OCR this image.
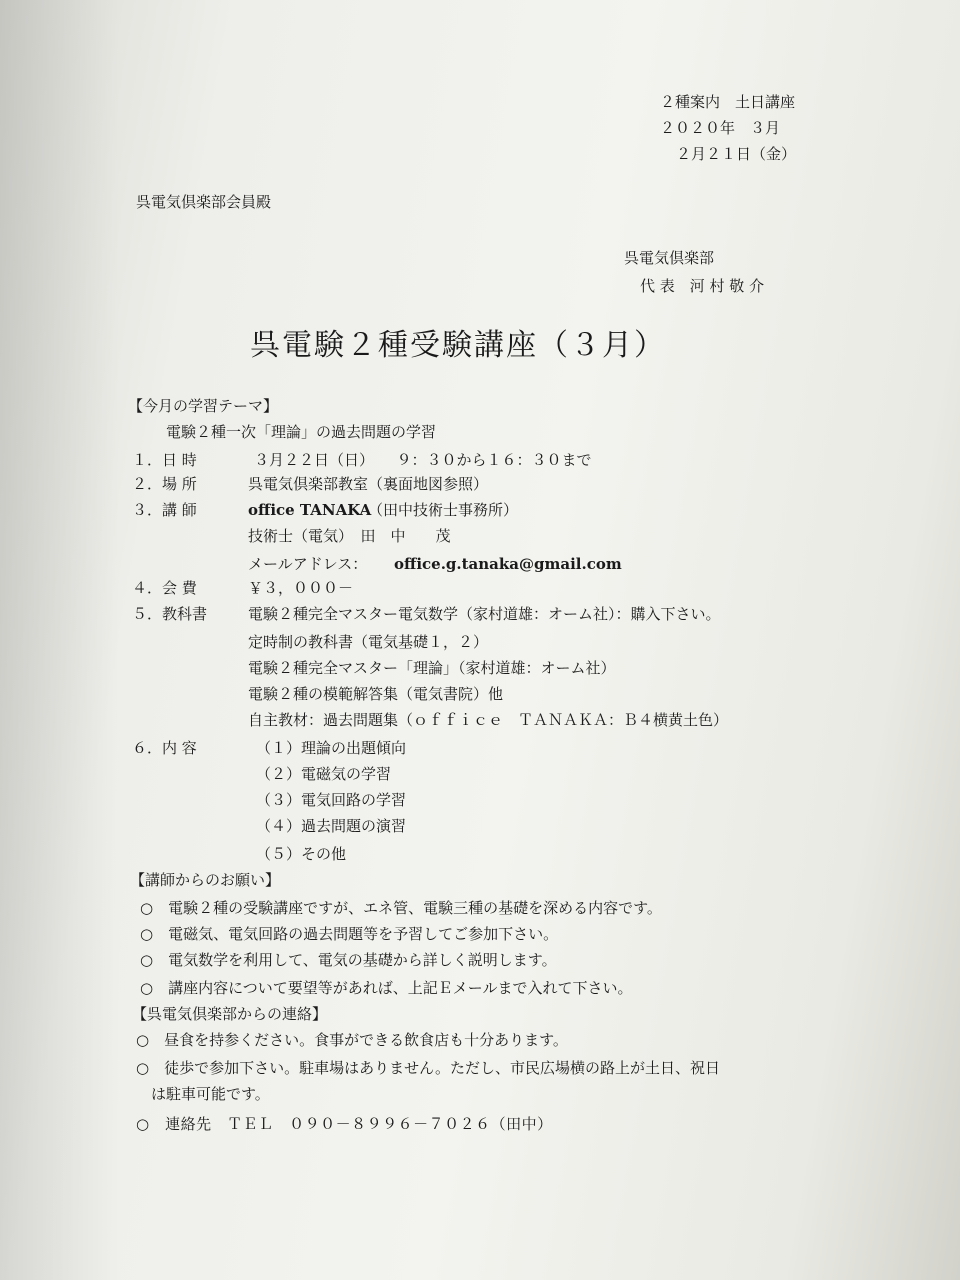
２種案内　土日講座
２０２０年　３月
２月２１日（金）
呉電気倶楽部会員殿
呉電気倶楽部
代 表　河 村 敬 介
呉電験２種受験講座（３月）
【今月の学習テーマ】
電験２種一次「理論」の過去問題の学習
１．日 時	３月２２日（日）　　９：３０から１６：３０まで
２．場 所	呉電気倶楽部教室（裏面地図参照）
３．講 師	office TANAKA
（田中技術士事務所）
技術士（電気）　田　中　　茂
メールアドレス： office.g.tanaka@gmail.com
４．会 費	￥３，０００－
５．教科書	電験２種完全マスター電気数学（家村道雄：オーム社）：購入下さい。
定時制の教科書（電気基礎１，２）
電験２種完全マスター「理論」（家村道雄：オーム社）
電験２種の模範解答集（電気書院）他
自主教材：過去問題集（ｏｆｆｉｃｅ　ＴＡＮＡＫＡ：Ｂ４横黄土色）
６．内 容	（１）理論の出題傾向
（２）電磁気の学習
（３）電気回路の学習
（４）過去問題の演習
（５）その他
【講師からのお願い】
○　電験２種の受験講座ですが、エネ管、電験三種の基礎を深める内容です。
○　電磁気、電気回路の過去問題等を予習してご参加下さい。
○　電気数学を利用して、電気の基礎から詳しく説明します。
○　講座内容について要望等があれば、上記Ｅメールまで入れて下さい。
【呉電気倶楽部からの連絡】
○　昼食を持参ください。食事ができる飲食店も十分あります。
○　徒歩で参加下さい。駐車場はありません。ただし、市民広場横の路上が土日、祝日
　は駐車可能です。
○　連絡先　ＴＥＬ　０９０－８９９６－７０２６（田中）
